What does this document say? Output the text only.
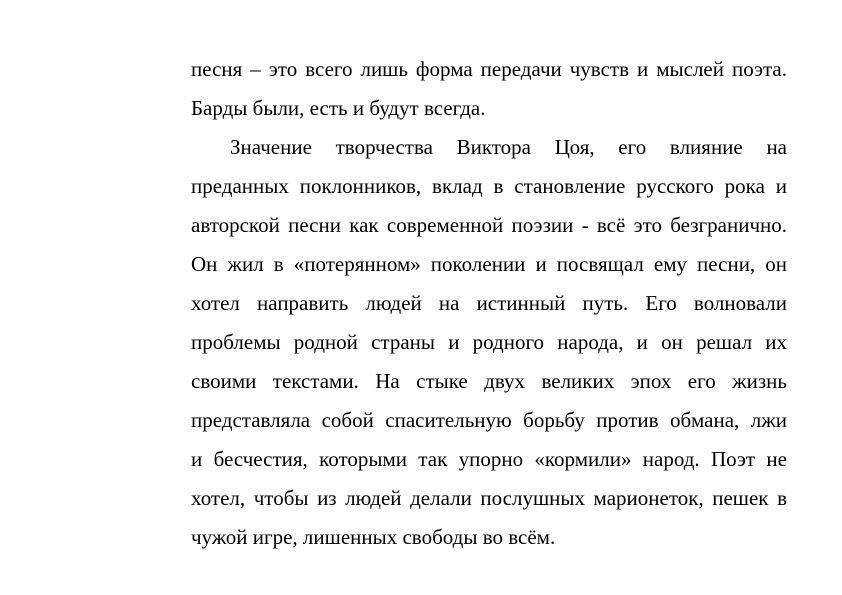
песня – это всего лишь форма передачи чувств и мыслей поэта.
Барды были, есть и будут всегда.
Значение творчества Виктора Цоя, его влияние на
преданных поклонников, вклад в становление русского рока и
авторской песни как современной поэзии - всё это безгранично.
Он жил в «потерянном» поколении и посвящал ему песни, он
хотел направить людей на истинный путь. Его волновали
проблемы родной страны и родного народа, и он решал их
своими текстами. На стыке двух великих эпох его жизнь
представляла собой спасительную борьбу против обмана, лжи
и бесчестия, которыми так упорно «кормили» народ. Поэт не
хотел, чтобы из людей делали послушных марионеток, пешек в
чужой игре, лишенных свободы во всём.
